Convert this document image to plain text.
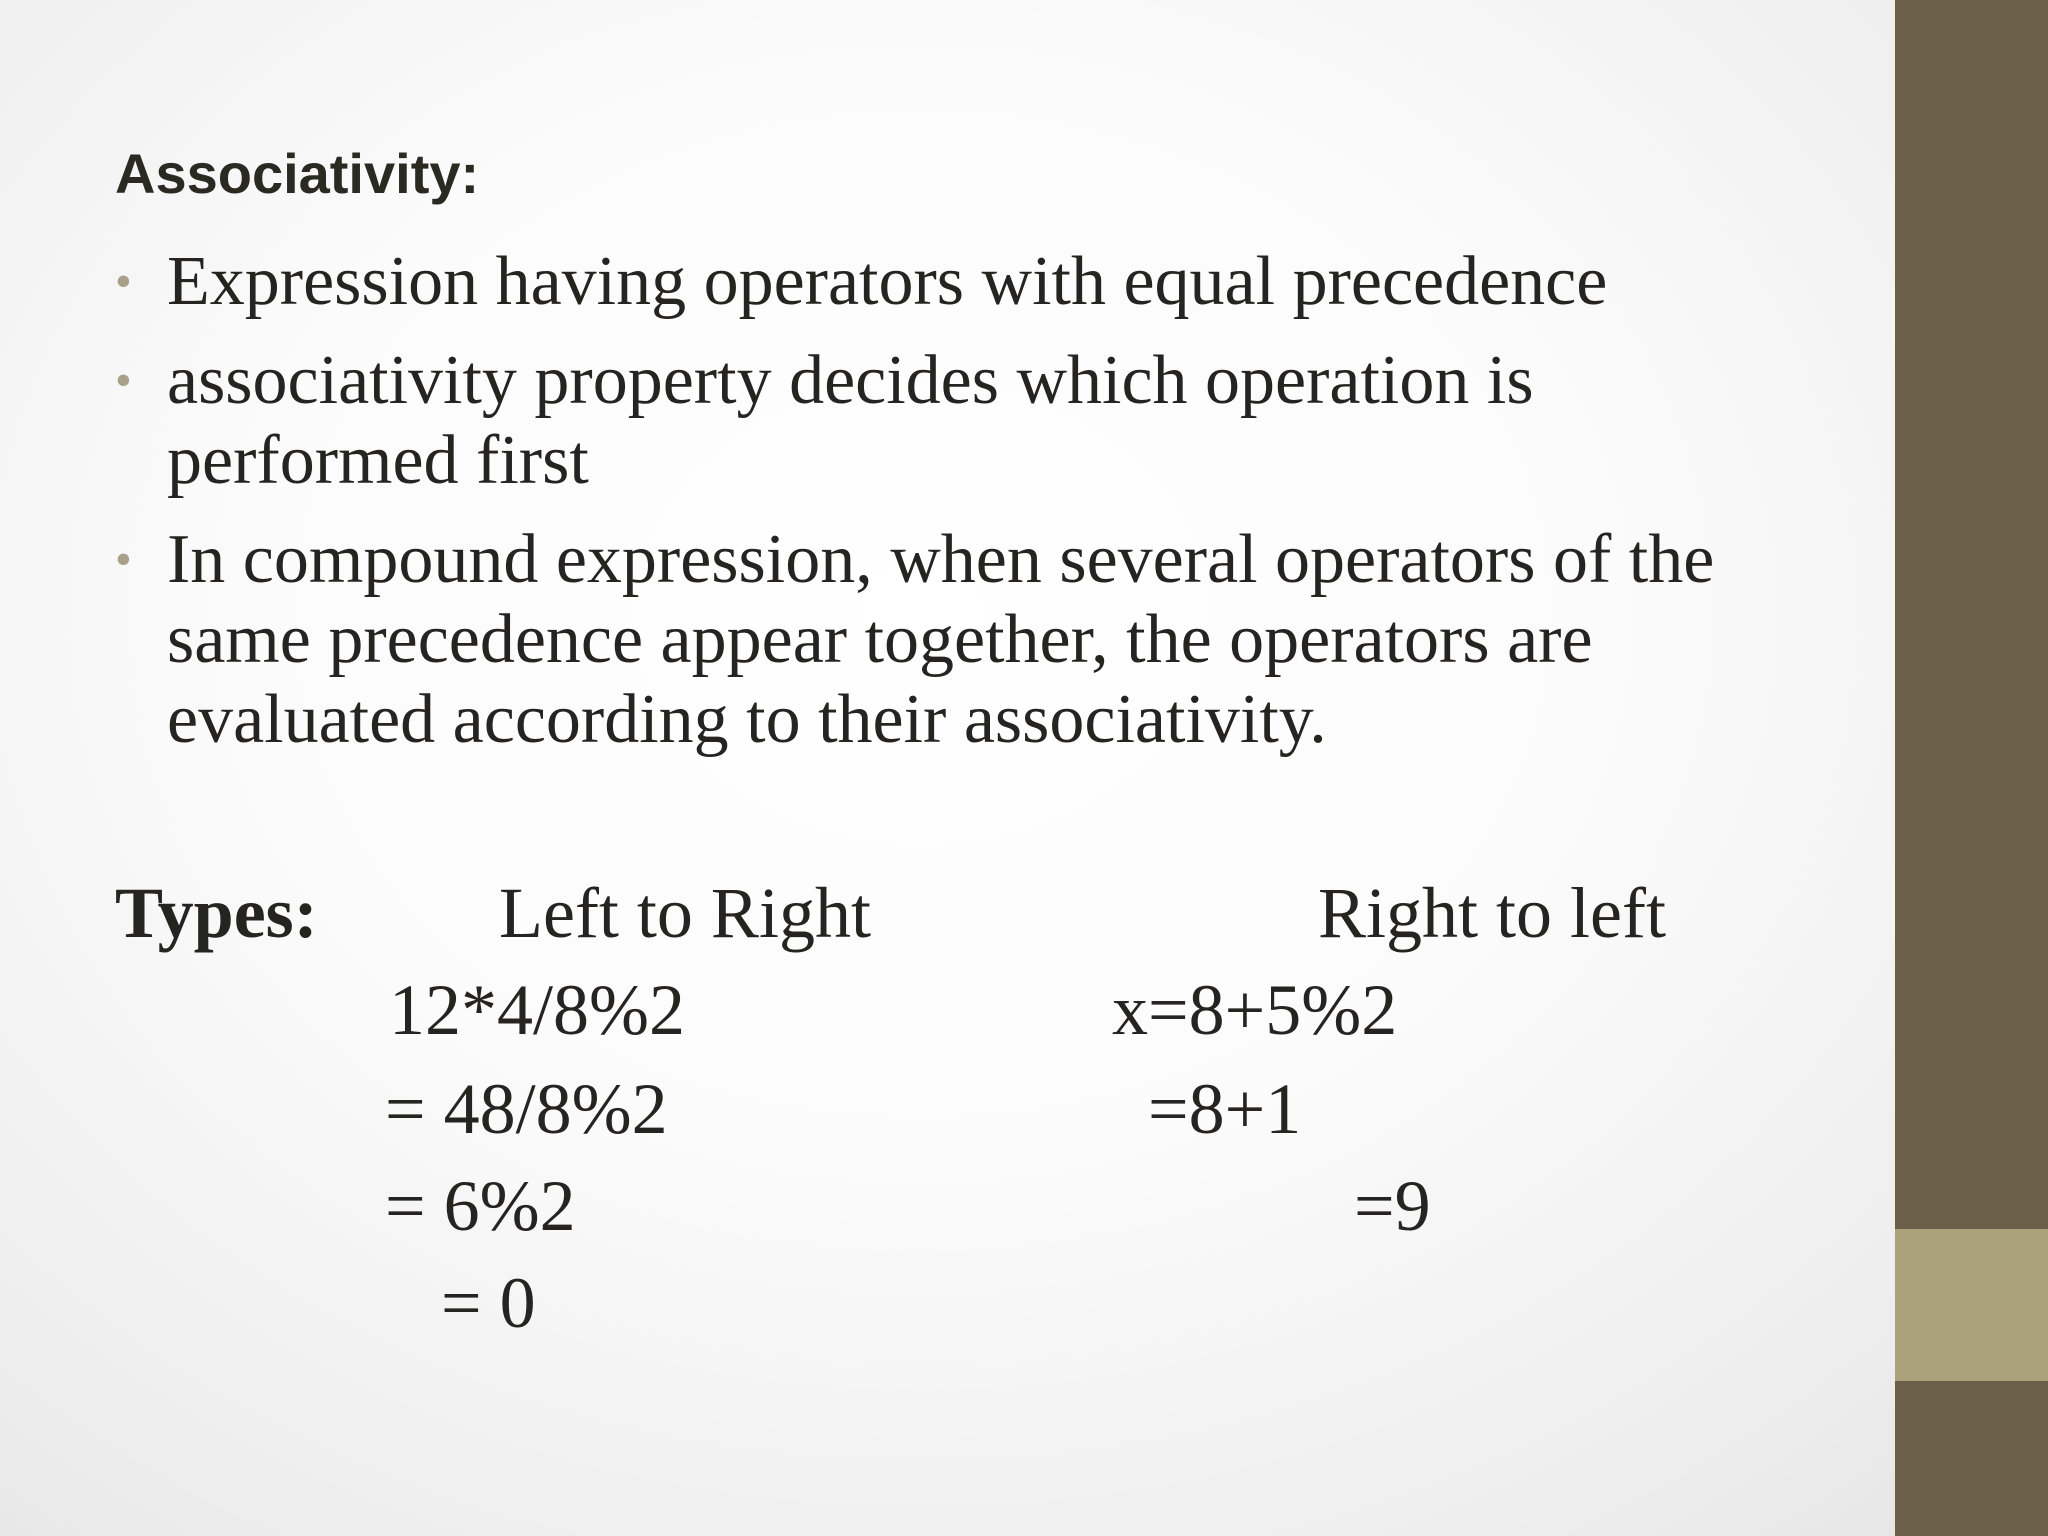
Associativity:
• Expression having operators with equal precedence
• associativity property decides which operation is performed first
• In compound expression, when several operators of the same precedence appear together, the operators are evaluated according to their associativity.
Types:	Left to Right	Right to left
12*4/8%2
= 48/8%2
= 6%2
= 0
x=8+5%2
=8+1
=9
